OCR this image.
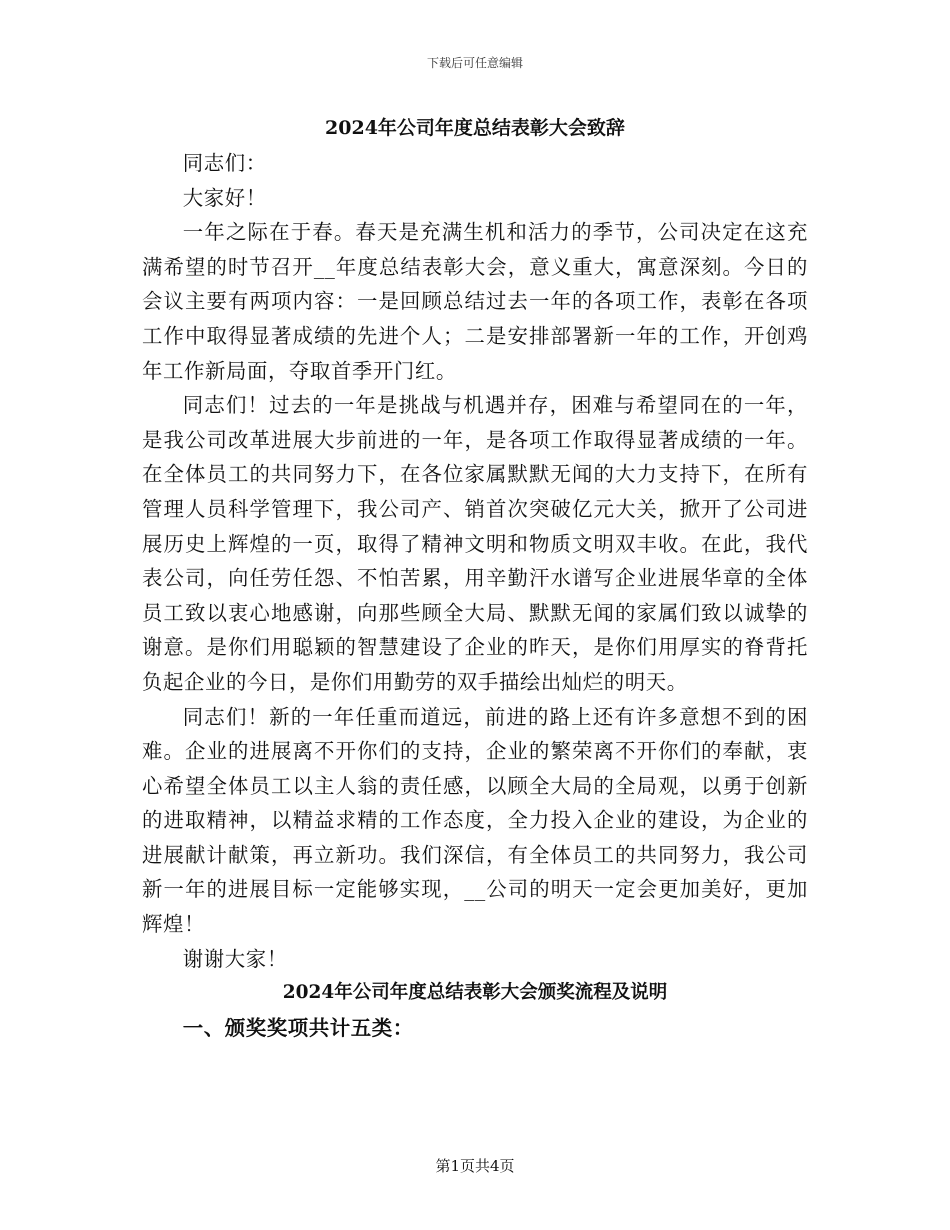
下载后可任意编辑
2024年公司年度总结表彰大会致辞

同志们：

大家好！

一年之际在于春。春天是充满生机和活力的季节，公司决定在这充满希望的时节召开__年度总结表彰大会，意义重大，寓意深刻。今日的会议主要有两项内容：一是回顾总结过去一年的各项工作，表彰在各项工作中取得显著成绩的先进个人；二是安排部署新一年的工作，开创鸡年工作新局面，夺取首季开门红。

同志们！过去的一年是挑战与机遇并存，困难与希望同在的一年，是我公司改革进展大步前进的一年，是各项工作取得显著成绩的一年。在全体员工的共同努力下，在各位家属默默无闻的大力支持下，在所有管理人员科学管理下，我公司产、销首次突破亿元大关，掀开了公司进展历史上辉煌的一页，取得了精神文明和物质文明双丰收。在此，我代表公司，向任劳任怨、不怕苦累，用辛勤汗水谱写企业进展华章的全体员工致以衷心地感谢，向那些顾全大局、默默无闻的家属们致以诚挚的谢意。是你们用聪颖的智慧建设了企业的昨天，是你们用厚实的脊背托负起企业的今日，是你们用勤劳的双手描绘出灿烂的明天。

同志们！新的一年任重而道远，前进的路上还有许多意想不到的困难。企业的进展离不开你们的支持，企业的繁荣离不开你们的奉献，衷心希望全体员工以主人翁的责任感，以顾全大局的全局观，以勇于创新的进取精神，以精益求精的工作态度，全力投入企业的建设，为企业的进展献计献策，再立新功。我们深信，有全体员工的共同努力，我公司新一年的进展目标一定能够实现，__公司的明天一定会更加美好，更加辉煌！

谢谢大家！

2024年公司年度总结表彰大会颁奖流程及说明

一、颁奖奖项共计五类：

第1页共4页
